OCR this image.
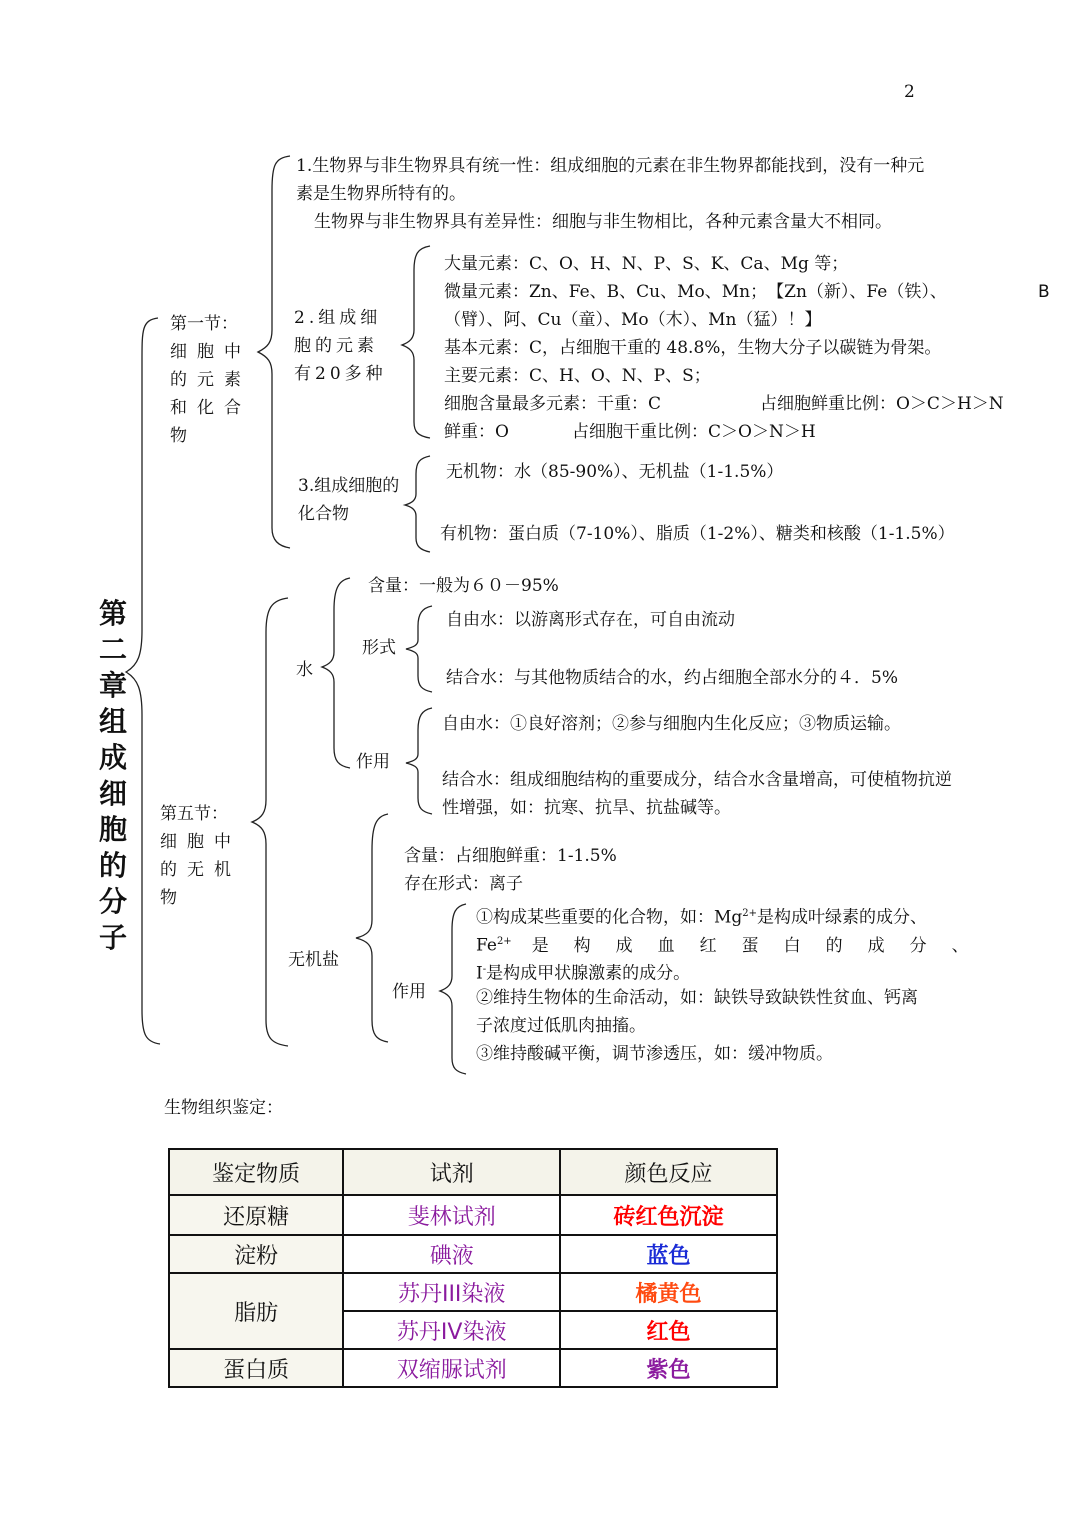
2
第二章 组成细胞的分子
第一节：
细胞中的元素和化合物
1.生物界与非生物界具有统一性：组成细胞的元素在非生物界都能找到，没有一种元
素是生物界所特有的。
生物界与非生物界具有差异性：细胞与非生物相比，各种元素含量大不相同。
2.组成细胞的元素有20多种
大量元素：C、O、H、N、P、S、K、Ca、Mg 等；
微量元素：Zn、Fe、B、Cu、Mo、Mn；　【Zn（新）、Fe（铁）、	B
（臂）、阿、Cu（童）、Mo（木）、Mn（猛）！】
基本元素：C，占细胞干重的 48.8%，生物大分子以碳链为骨架。
主要元素：C、H、O、N、P、S；
细胞含量最多元素：干重：C	占细胞鲜重比例：O＞C＞H＞N
鲜重：O	占细胞干重比例：C＞O＞N＞H
3.组成细胞的化合物
无机物：水（85-90%）、无机盐（1-1.5%）
有机物：蛋白质（7-10%）、脂质（1-2%）、糖类和核酸（1-1.5%）
第五节：
细胞中的无机物
水
含量：一般为６０－95%
形式
自由水：以游离形式存在，可自由流动
结合水：与其他物质结合的水，约占细胞全部水分的４．5%
作用
自由水：①良好溶剂；②参与细胞内生化反应；③物质运输。
结合水：组成细胞结构的重要成分，结合水含量增高，可使植物抗逆
性增强，如：抗寒、抗旱、抗盐碱等。
无机盐
含量：占细胞鲜重：1-1.5%
存在形式：离子
作用
①构成某些重要的化合物，如：$Mg^{2+}$是构成叶绿素的成分、
$Fe^{2+}$ 是构成血红蛋白的成分、
I-是构成甲状腺激素的成分。
②维持生物体的生命活动，如：缺铁导致缺铁性贫血、钙离
子浓度过低肌肉抽搐。
③维持酸碱平衡，调节渗透压，如：缓冲物质。
生物组织鉴定：
鉴定物质	试剂	颜色反应
还原糖	斐林试剂	砖红色沉淀
淀粉	碘液	蓝色
脂肪	苏丹III染液	橘黄色
	苏丹IV染液	红色
蛋白质	双缩脲试剂	紫色
